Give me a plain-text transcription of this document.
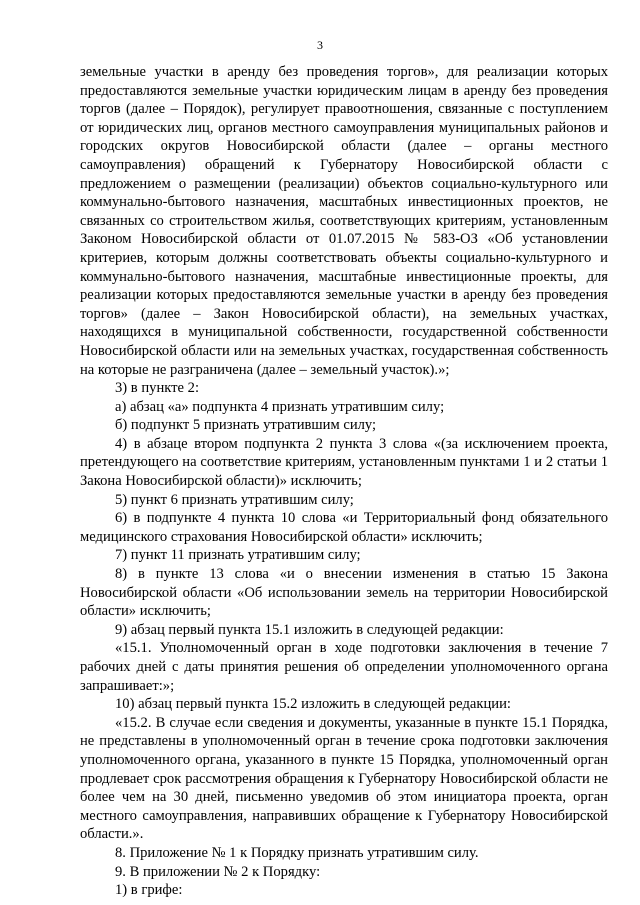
3

земельные участки в аренду без проведения торгов», для реализации которых предоставляются земельные участки юридическим лицам в аренду без проведения торгов (далее – Порядок), регулирует правоотношения, связанные с поступлением от юридических лиц, органов местного самоуправления муниципальных районов и городских округов Новосибирской области (далее – органы местного самоуправления) обращений к Губернатору Новосибирской области с предложением о размещении (реализации) объектов социально-культурного или коммунально-бытового назначения, масштабных инвестиционных проектов, не связанных со строительством жилья, соответствующих критериям, установленным Законом Новосибирской области от 01.07.2015 № 583-ОЗ «Об установлении критериев, которым должны соответствовать объекты социально-культурного и коммунально-бытового назначения, масштабные инвестиционные проекты, для реализации которых предоставляются земельные участки в аренду без проведения торгов» (далее – Закон Новосибирской области), на земельных участках, находящихся в муниципальной собственности, государственной собственности Новосибирской области или на земельных участках, государственная собственность на которые не разграничена (далее – земельный участок).»;

3) в пункте 2:

а) абзац «а» подпункта 4 признать утратившим силу;

б) подпункт 5 признать утратившим силу;

4) в абзаце втором подпункта 2 пункта 3 слова «(за исключением проекта, претендующего на соответствие критериям, установленным пунктами 1 и 2 статьи 1 Закона Новосибирской области)» исключить;

5) пункт 6 признать утратившим силу;

6) в подпункте 4 пункта 10 слова «и Территориальный фонд обязательного медицинского страхования Новосибирской области» исключить;

7) пункт 11 признать утратившим силу;

8) в пункте 13 слова «и о внесении изменения в статью 15 Закона Новосибирской области «Об использовании земель на территории Новосибирской области» исключить;

9) абзац первый пункта 15.1 изложить в следующей редакции:

«15.1. Уполномоченный орган в ходе подготовки заключения в течение 7 рабочих дней с даты принятия решения об определении уполномоченного органа запрашивает:»;

10) абзац первый пункта 15.2 изложить в следующей редакции:

«15.2. В случае если сведения и документы, указанные в пункте 15.1 Порядка, не представлены в уполномоченный орган в течение срока подготовки заключения уполномоченного органа, указанного в пункте 15 Порядка, уполномоченный орган продлевает срок рассмотрения обращения к Губернатору Новосибирской области не более чем на 30 дней, письменно уведомив об этом инициатора проекта, орган местного самоуправления, направивших обращение к Губернатору Новосибирской области.».

8. Приложение № 1 к Порядку признать утратившим силу.

9. В приложении № 2 к Порядку:

1) в грифе:
